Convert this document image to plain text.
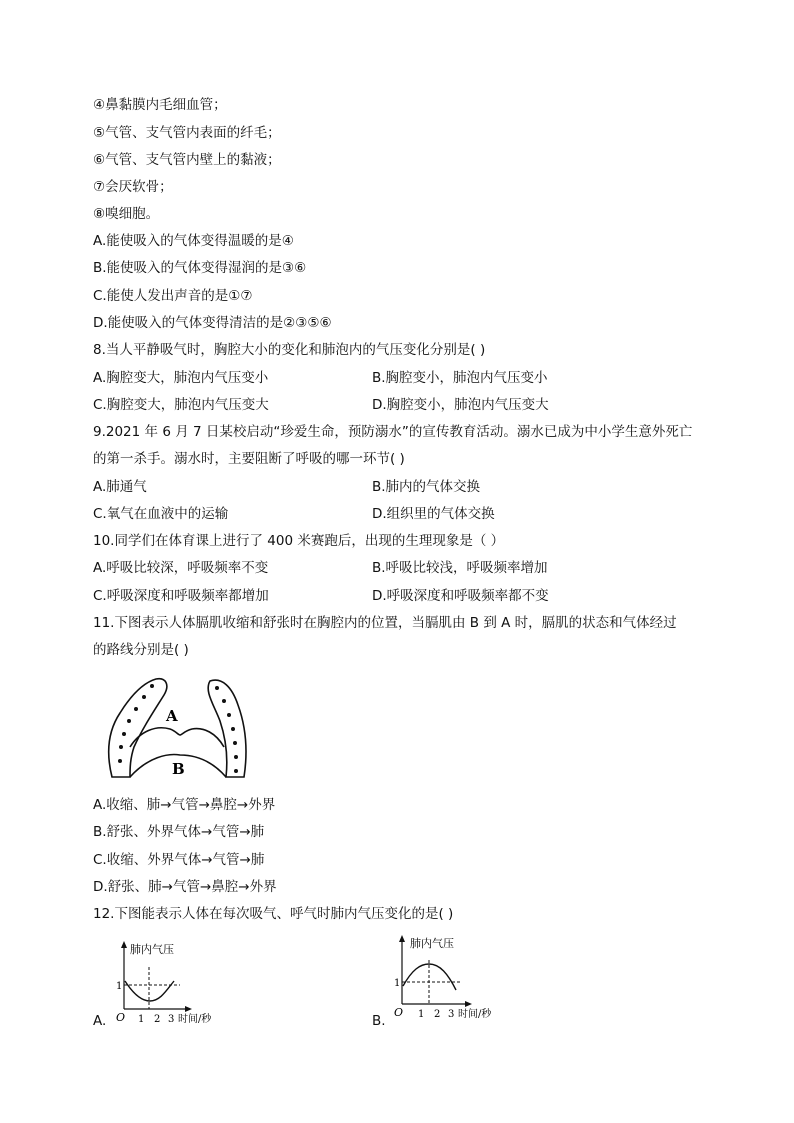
④鼻黏膜内毛细血管；
⑤气管、支气管内表面的纤毛；
⑥气管、支气管内壁上的黏液；
⑦会厌软骨；
⑧嗅细胞。
A.能使吸入的气体变得温暖的是④
B.能使吸入的气体变得湿润的是③⑥
C.能使人发出声音的是①⑦
D.能使吸入的气体变得清洁的是②③⑤⑥
8.当人平静吸气时，胸腔大小的变化和肺泡内的气压变化分别是( )
A.胸腔变大，肺泡内气压变小	B.胸腔变小，肺泡内气压变小
C.胸腔变大，肺泡内气压变大	D.胸腔变小，肺泡内气压变大
9.2021 年 6 月 7 日某校启动“珍爱生命，预防溺水”的宣传教育活动。溺水已成为中小学生意外死亡
的第一杀手。溺水时，主要阻断了呼吸的哪一环节( )
A.肺通气	B.肺内的气体交换
C.氧气在血液中的运输	D.组织里的气体交换
10.同学们在体育课上进行了 400 米赛跑后，出现的生理现象是（ ）
A.呼吸比较深，呼吸频率不变	B.呼吸比较浅，呼吸频率增加
C.呼吸深度和呼吸频率都增加	D.呼吸深度和呼吸频率都不变
11.下图表示人体膈肌收缩和舒张时在胸腔内的位置，当膈肌由 B 到 A 时，膈肌的状态和气体经过
的路线分别是( )
A
B
A.收缩、肺→气管→鼻腔→外界
B.舒张、外界气体→气管→肺
C.收缩、外界气体→气管→肺
D.舒张、肺→气管→鼻腔→外界
12.下图能表示人体在每次吸气、呼气时肺内气压变化的是( )
A.
肺内气压
1
O 1 2 3 时间/秒	B.
肺内气压
1
O 1 2 3 时间/秒
